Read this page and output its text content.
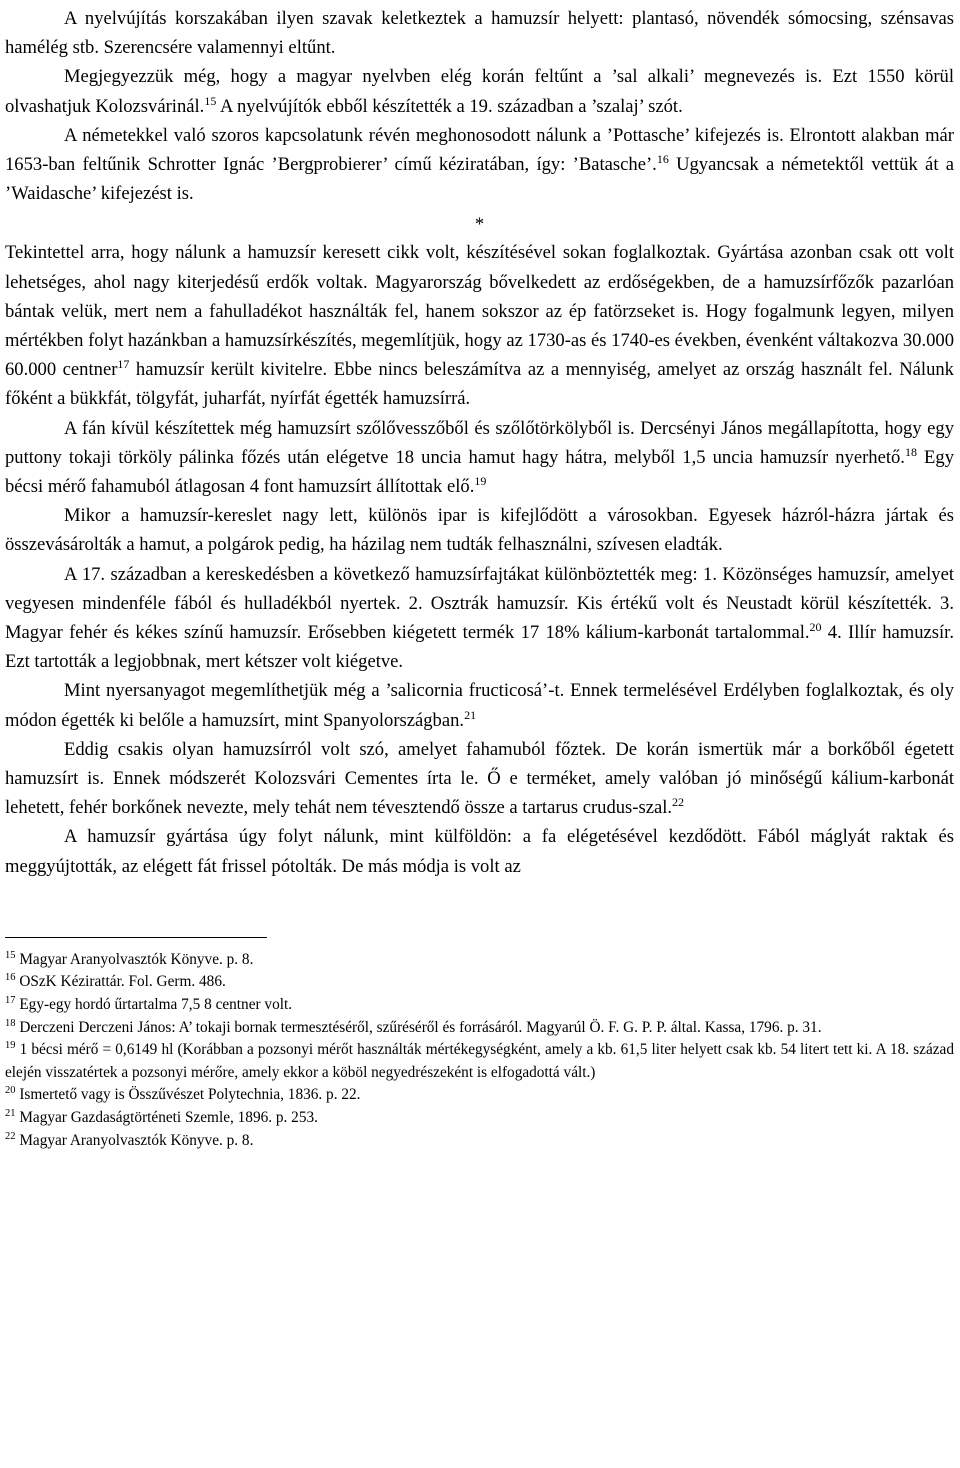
A nyelvújítás korszakában ilyen szavak keletkeztek a hamuzsír helyett: plantasó, növendék sómocsing, szénsavas hamélég stb. Szerencsére valamennyi eltűnt.

Megjegyezzük még, hogy a magyar nyelvben elég korán feltűnt a ’sal alkali’ megnevezés is. Ezt 1550 körül olvashatjuk Kolozsvárinál.$^{15}$ A nyelvújítók ebből készítették a 19. században a ’szalaj’ szót.

A németekkel való szoros kapcsolatunk révén meghonosodott nálunk a ’Pottasche’ kifejezés is. Elrontott alakban már 1653-ban feltűnik Schrotter Ignác ’Bergprobierer’ című kéziratában, így: ’Batasche’.$^{16}$ Ugyancsak a németektől vettük át a ’Waidasche’ kifejezést is.

*

Tekintettel arra, hogy nálunk a hamuzsír keresett cikk volt, készítésével sokan foglalkoztak. Gyártása azonban csak ott volt lehetséges, ahol nagy kiterjedésű erdők voltak. Magyarország bővelkedett az erdőségekben, de a hamuzsírfőzők pazarlóan bántak velük, mert nem a fahulladékot használták fel, hanem sokszor az ép fatörzseket is. Hogy fogalmunk legyen, milyen mértékben folyt hazánkban a hamuzsírkészítés, megemlítjük, hogy az 1730-as és 1740-es években, évenként váltakozva 30.000 60.000 centner$^{17}$ hamuzsír került kivitelre. Ebbe nincs beleszámítva az a mennyiség, amelyet az ország használt fel. Nálunk főként a bükkfát, tölgyfát, juharfát, nyírfát égették hamuzsírrá.

A fán kívül készítettek még hamuzsírt szőlővesszőből és szőlőtörkölyből is. Dercsényi János megállapította, hogy egy puttony tokaji törköly pálinka főzés után elégetve 18 uncia hamut hagy hátra, melyből 1,5 uncia hamuzsír nyerhető.$^{18}$ Egy bécsi mérő fahamuból átlagosan 4 font hamuzsírt állítottak elő.$^{19}$

Mikor a hamuzsír-kereslet nagy lett, különös ipar is kifejlődött a városokban. Egyesek házról-házra jártak és összevásárolták a hamut, a polgárok pedig, ha házilag nem tudták felhasználni, szívesen eladták.

A 17. században a kereskedésben a következő hamuzsírfajtákat különböztették meg: 1. Közönséges hamuzsír, amelyet vegyesen mindenféle fából és hulladékból nyertek. 2. Osztrák hamuzsír. Kis értékű volt és Neustadt körül készítették. 3. Magyar fehér és kékes színű hamuzsír. Erősebben kiégetett termék 17 18% kálium-karbonát tartalommal.$^{20}$ 4. Illír hamuzsír. Ezt tartották a legjobbnak, mert kétszer volt kiégetve.

Mint nyersanyagot megemlíthetjük még a ’salicornia fructicosá’-t. Ennek termelésével Erdélyben foglalkoztak, és oly módon égették ki belőle a hamuzsírt, mint Spanyolországban.$^{21}$

Eddig csakis olyan hamuzsírról volt szó, amelyet fahamuból főztek. De korán ismertük már a borkőből égetett hamuzsírt is. Ennek módszerét Kolozsvári Cementes írta le. Ő e terméket, amely valóban jó minőségű kálium-karbonát lehetett, fehér borkőnek nevezte, mely tehát nem tévesztendő össze a tartarus crudus-szal.$^{22}$

A hamuzsír gyártása úgy folyt nálunk, mint külföldön: a fa elégetésével kezdődött. Fából máglyát raktak és meggyújtották, az elégett fát frissel pótolták. De más módja is volt az

$^{15}$ Magyar Aranyolvasztók Könyve. p. 8.

$^{16}$ OSzK Kézirattár. Fol. Germ. 486.

$^{17}$ Egy-egy hordó űrtartalma 7,5 8 centner volt.

$^{18}$ Derczeni Derczeni János: A’ tokaji bornak termesztéséről, szűréséről és forrásáról. Magyarúl Ö. F. G. P. P. által. Kassa, 1796. p. 31.

$^{19}$ 1 bécsi mérő = 0,6149 hl (Korábban a pozsonyi mérőt használták mértékegységként, amely a kb. 61,5 liter helyett csak kb. 54 litert tett ki. A 18. század elején visszatértek a pozsonyi mérőre, amely ekkor a köböl negyedrészeként is elfogadottá vált.)

$^{20}$ Ismertető vagy is Összűvészet Polytechnia, 1836. p. 22.

$^{21}$ Magyar Gazdaságtörténeti Szemle, 1896. p. 253.

$^{22}$ Magyar Aranyolvasztók Könyve. p. 8.
